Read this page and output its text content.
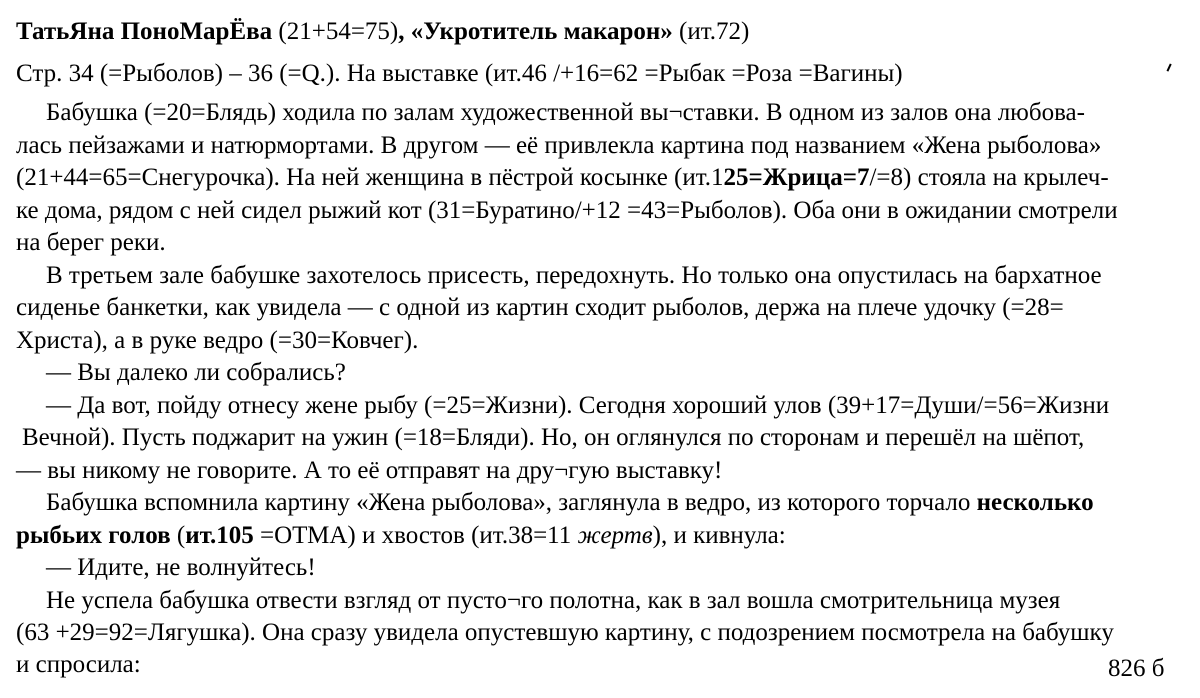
ТатьЯна ПоноМарЁва (21+54=75), «Укротитель макарон» (ит.72)
Стр. 34 (=Рыболов) – 36 (=Q.). На выставке (ит.46 /+16=62 =Рыбак =Роза =Вагины)
Бабушка (=20=Блядь) ходила по залам художественной вы¬ставки. В одном из залов она любова-
лась пейзажами и натюрмортами. В другом — её привлекла картина под названием «Жена рыболова»
(21+44=65=Снегурочка). На ней женщина в пёстрой косынке (ит.125=Жрица=7/=8) стояла на крылеч-
ке дома, рядом с ней сидел рыжий кот (31=Буратино/+12 =43=Рыболов). Оба они в ожидании смотрели
на берег реки.
В третьем зале бабушке захотелось присесть, передохнуть. Но только она опустилась на бархатное
сиденье банкетки, как увидела — с одной из картин сходит рыболов, держа на плече удочку (=28=
Христа), а в руке ведро (=30=Ковчег).
— Вы далеко ли собрались?
— Да вот, пойду отнесу жене рыбу (=25=Жизни). Сегодня хороший улов (39+17=Души/=56=Жизни
Вечной). Пусть поджарит на ужин (=18=Бляди). Но, он оглянулся по сторонам и перешёл на шёпот,
— вы никому не говорите. А то её отправят на дру¬гую выставку!
Бабушка вспомнила картину «Жена рыболова», заглянула в ведро, из которого торчало несколько
рыбьих голов (ит.105 =ОТМА) и хвостов (ит.38=11 жертв), и кивнула:
— Идите, не волнуйтесь!
Не успела бабушка отвести взгляд от пусто¬го полотна, как в зал вошла смотрительница музея
(63 +29=92=Лягушка). Она сразу увидела опустевшую картину, с подозрением посмотрела на бабушку
и спросила:	826 б
